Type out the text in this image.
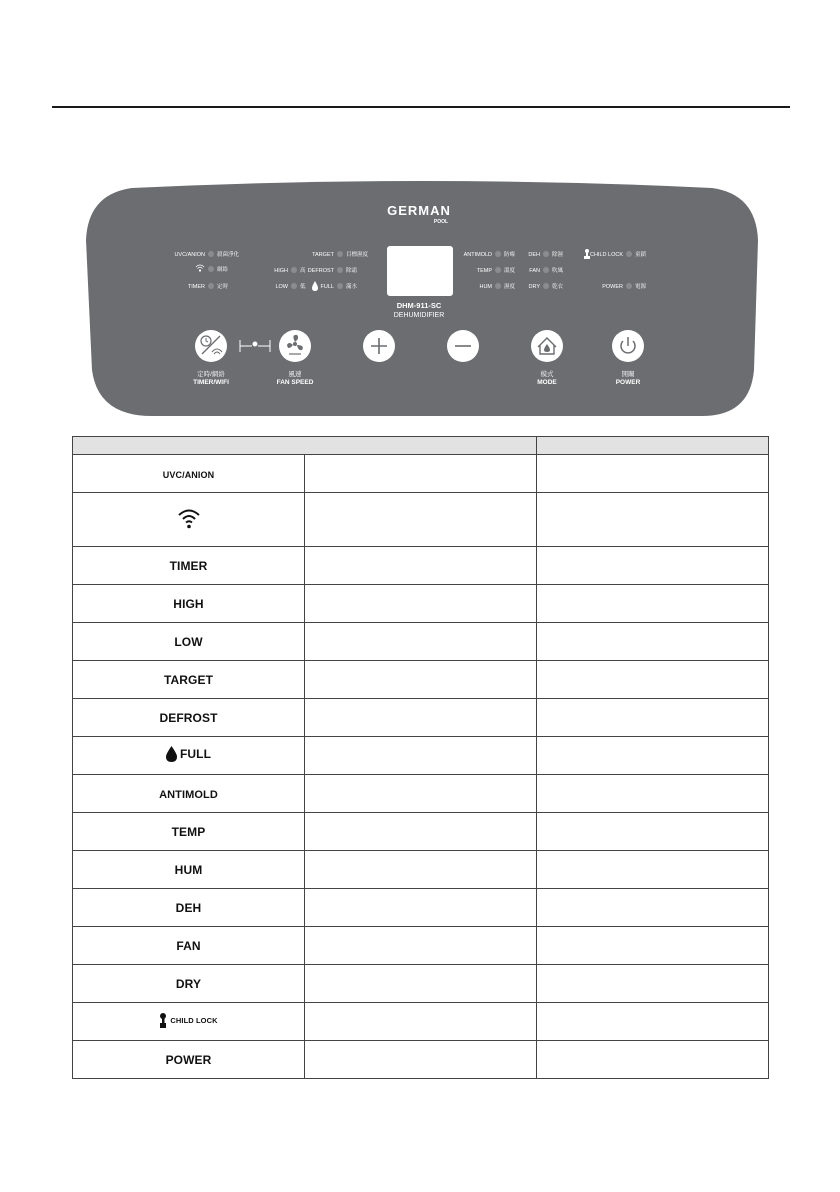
GERMAN
POOL
DHM-911-SC
DEHUMIDIFIER
UVC/ANION 殺菌淨化
網絡
TIMER 定時
TARGET 目標濕度
HIGH 高 DEFROST 除霜
LOW 低	FULL 滿水
ANTIMOLD 防霉
TEMP 溫度
HUM 濕度
DEH 除濕
FAN 吹風
DRY 乾衣
CHILD LOCK 童鎖
POWER 電源
定時/網絡
TIMER/WIFI
風速
FAN SPEED
模式
MODE
開關
POWER

UVC/ANION		

TIMER		
HIGH		
LOW		
TARGET		
DEFROST		

FULL		

ANTIMOLD		
TEMP		
HUM		
DEH		
FAN		
DRY		

CHILD LOCK		

POWER		
